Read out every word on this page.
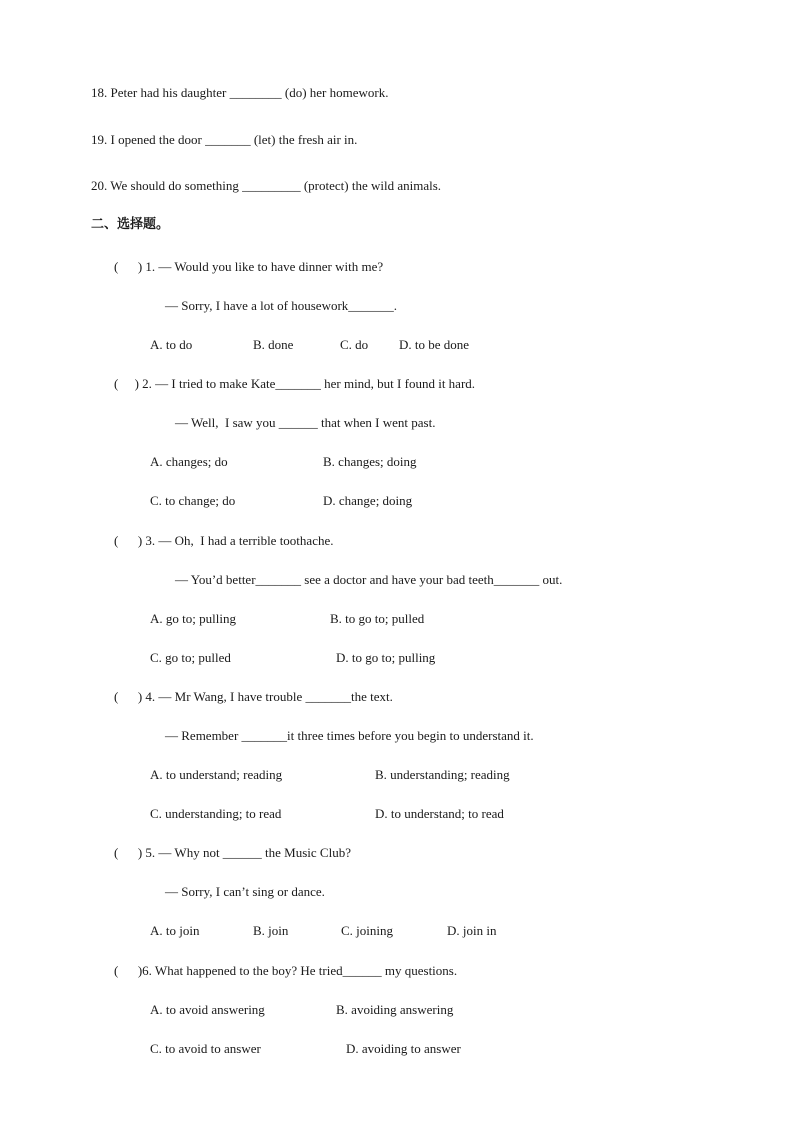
18. Peter had his daughter ________ (do) her homework.
19. I opened the door _______ (let) the fresh air in.
20. We should do something _________ (protect) the wild animals.
二、选择题。
(      ) 1. — Would you like to have dinner with me?
— Sorry, I have a lot of housework_______.
A. to do	B. done	C. do D. to be done
(     ) 2. — I tried to make Kate_______ her mind, but I found it hard.
— Well,  I saw you ______ that when I went past.
A. changes; do	B. changes; doing
C. to change; do	D. change; doing
(      ) 3. — Oh,  I had a terrible toothache.
— You’d better_______ see a doctor and have your bad teeth_______ out.
A. go to; pulling	B. to go to; pulled
C. go to; pulled	D. to go to; pulling
(      ) 4. — Mr Wang, I have trouble _______the text.
— Remember _______it three times before you begin to understand it.
A. to understand; reading	B. understanding; reading
C. understanding; to read	D. to understand; to read
(      ) 5. — Why not ______ the Music Club?
— Sorry, I can’t sing or dance.
A. to join	B. join	C. joining	D. join in
(      )6. What happened to the boy? He tried______ my questions.
A. to avoid answering	B. avoiding answering
C. to avoid to answer	D. avoiding to answer
